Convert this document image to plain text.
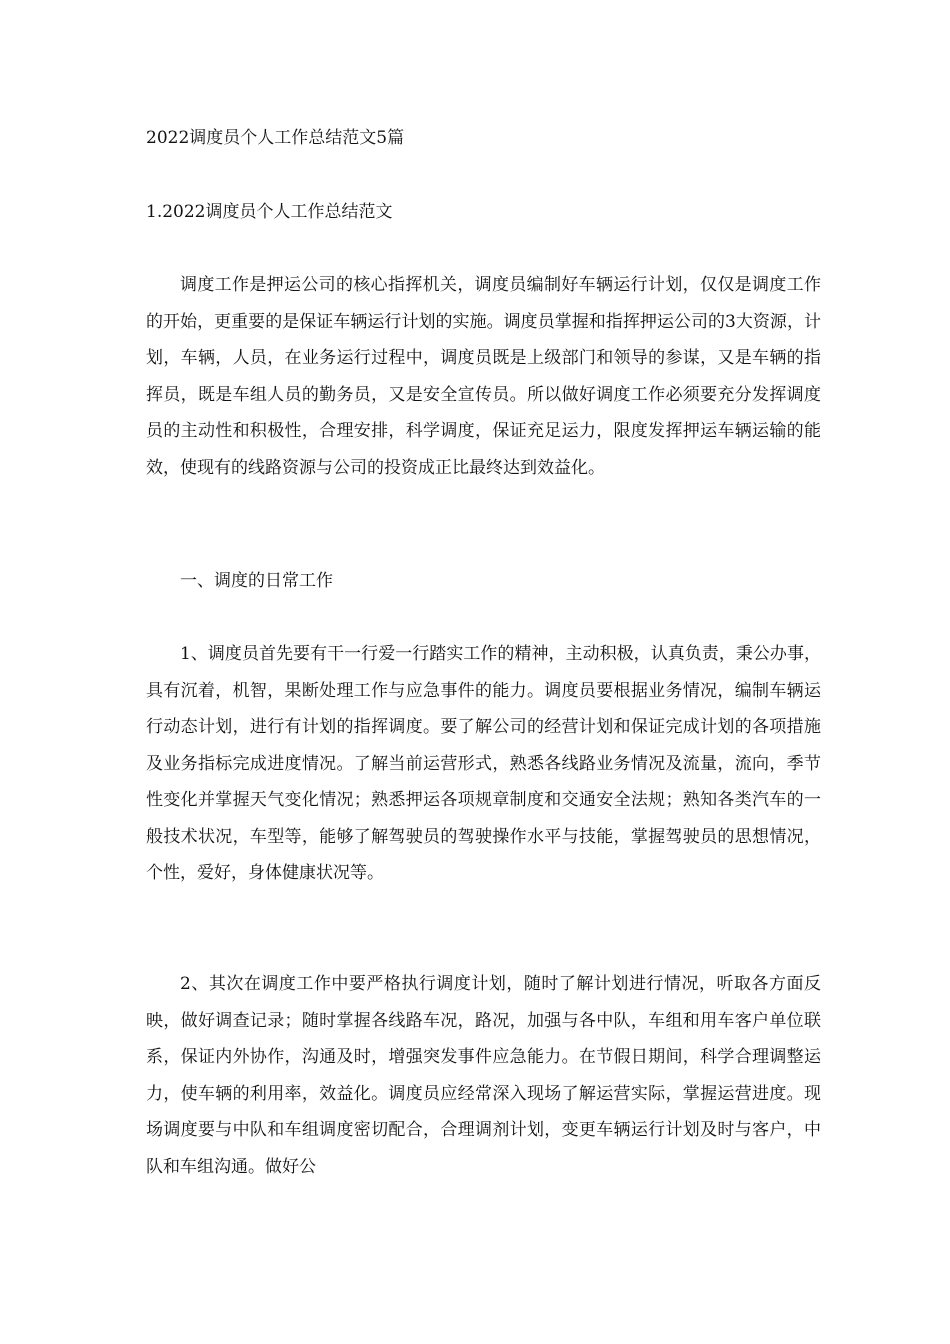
2022调度员个人工作总结范文5篇
1.2022调度员个人工作总结范文

调度工作是押运公司的核心指挥机关，调度员编制好车辆运行计划，仅仅是调度工作的开始，更重要的是保证车辆运行计划的实施。调度员掌握和指挥押运公司的3大资源，计划，车辆，人员，在业务运行过程中，调度员既是上级部门和领导的参谋，又是车辆的指挥员，既是车组人员的勤务员，又是安全宣传员。所以做好调度工作必须要充分发挥调度员的主动性和积极性，合理安排，科学调度，保证充足运力，限度发挥押运车辆运输的能效，使现有的线路资源与公司的投资成正比最终达到效益化。

一、调度的日常工作

1、调度员首先要有干一行爱一行踏实工作的精神，主动积极，认真负责，秉公办事，具有沉着，机智，果断处理工作与应急事件的能力。调度员要根据业务情况，编制车辆运行动态计划，进行有计划的指挥调度。要了解公司的经营计划和保证完成计划的各项措施及业务指标完成进度情况。了解当前运营形式，熟悉各线路业务情况及流量，流向，季节性变化并掌握天气变化情况；熟悉押运各项规章制度和交通安全法规；熟知各类汽车的一般技术状况，车型等，能够了解驾驶员的驾驶操作水平与技能，掌握驾驶员的思想情况，个性，爱好，身体健康状况等。

2、其次在调度工作中要严格执行调度计划，随时了解计划进行情况，听取各方面反映，做好调查记录；随时掌握各线路车况，路况，加强与各中队，车组和用车客户单位联系，保证内外协作，沟通及时，增强突发事件应急能力。在节假日期间，科学合理调整运力，使车辆的利用率，效益化。调度员应经常深入现场了解运营实际，掌握运营进度。现场调度要与中队和车组调度密切配合，合理调剂计划，变更车辆运行计划及时与客户，中队和车组沟通。做好公
